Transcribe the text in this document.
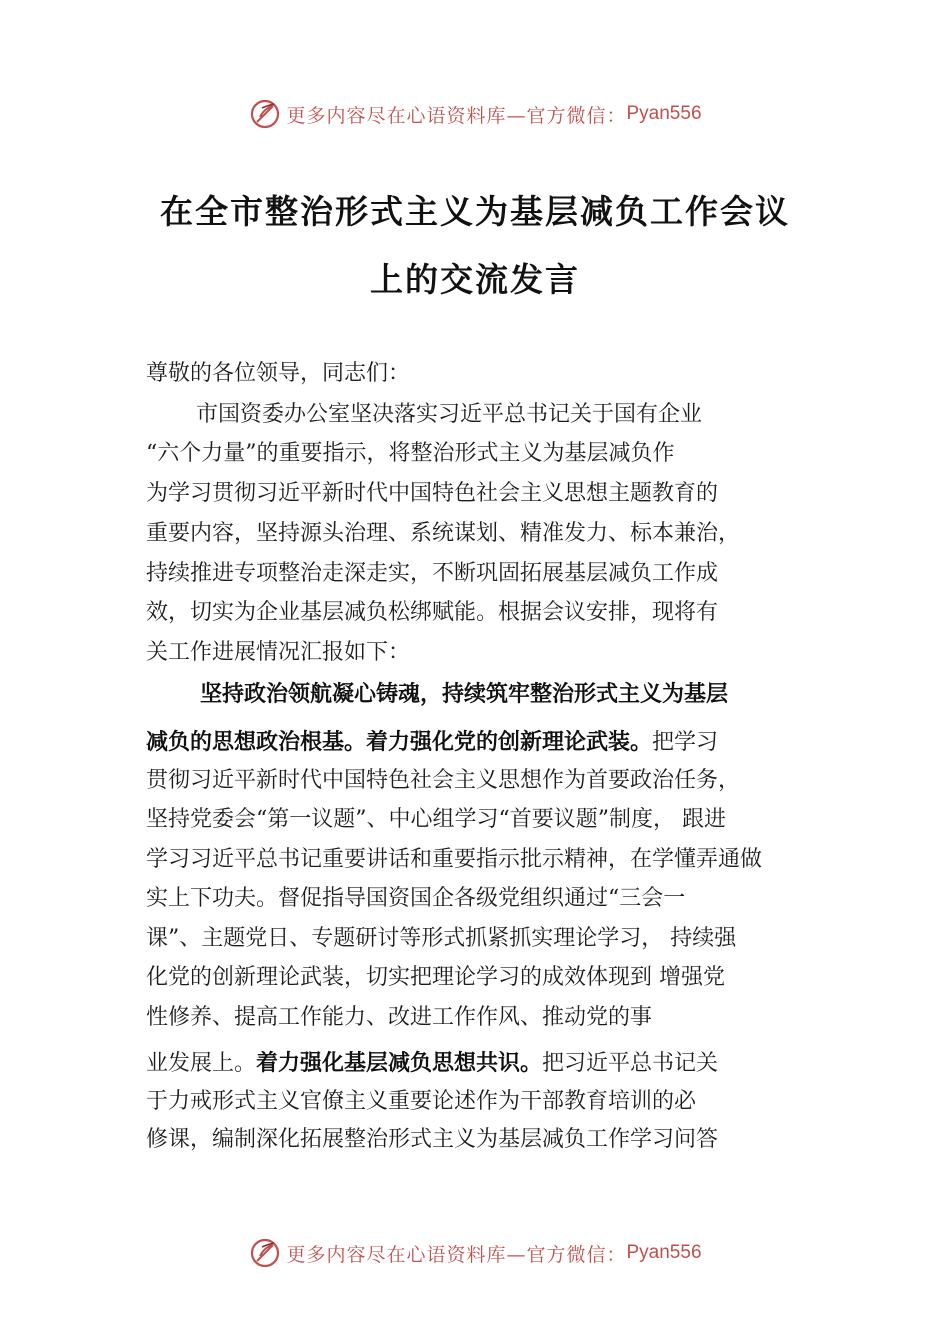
更多内容尽在心语资料库—官方微信： Pyan556
在全市整治形式主义为基层减负工作会议
上的交流发言

尊敬的各位领导，同志们：

市国资委办公室坚决落实习近平总书记关于国有企业

“六个力量”的重要指示，将整治形式主义为基层减负作

为学习贯彻习近平新时代中国特色社会主义思想主题教育的

重要内容，坚持源头治理、系统谋划、精准发力、标本兼治，

持续推进专项整治走深走实，不断巩固拓展基层减负工作成

效，切实为企业基层减负松绑赋能。根据会议安排，现将有

关工作进展情况汇报如下：

坚持政治领航凝心铸魂，持续筑牢整治形式主义为基层

减负的思想政治根基。着力强化党的创新理论武装。把学习

贯彻习近平新时代中国特色社会主义思想作为首要政治任务，

坚持党委会“第一议题”、中心组学习“首要议题”制度， 跟进

学习习近平总书记重要讲话和重要指示批示精神，在学懂弄通做

实上下功夫。督促指导国资国企各级党组织通过“三会一

课”、主题党日、专题研讨等形式抓紧抓实理论学习， 持续强

化党的创新理论武装，切实把理论学习的成效体现到 增强党

性修养、提高工作能力、改进工作作风、推动党的事

业发展上。着力强化基层减负思想共识。把习近平总书记关

于力戒形式主义官僚主义重要论述作为干部教育培训的必

修课，编制深化拓展整治形式主义为基层减负工作学习问答

更多内容尽在心语资料库—官方微信： Pyan556
